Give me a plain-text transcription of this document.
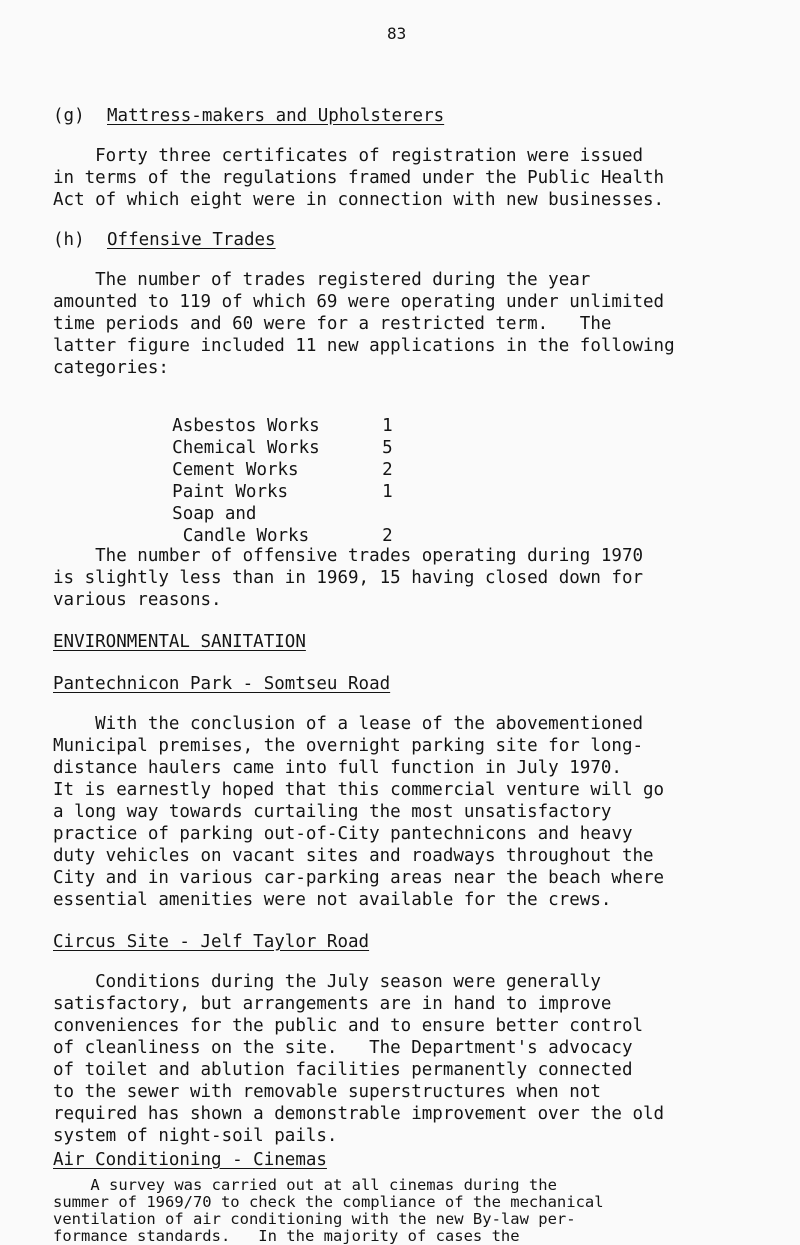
83
(g) Mattress-makers and Upholsterers
Forty three certificates of registration were issued
in terms of the regulations framed under the Public Health
Act of which eight were in connection with new businesses.
(h) Offensive Trades
The number of trades registered during the year
amounted to 119 of which 69 were operating under unlimited
time periods and 60 were for a restricted term.   The
latter figure included 11 new applications in the following
categories:

Asbestos Works	1

Chemical Works	5

Cement Works	2

Paint Works	1

Soap and

Candle Works	2

The number of offensive trades operating during 1970
is slightly less than in 1969, 15 having closed down for
various reasons.
ENVIRONMENTAL SANITATION
Pantechnicon Park - Somtseu Road
With the conclusion of a lease of the abovementioned
Municipal premises, the overnight parking site for long-
distance haulers came into full function in July 1970.
It is earnestly hoped that this commercial venture will go
a long way towards curtailing the most unsatisfactory
practice of parking out-of-City pantechnicons and heavy
duty vehicles on vacant sites and roadways throughout the
City and in various car-parking areas near the beach where
essential amenities were not available for the crews.
Circus Site - Jelf Taylor Road
Conditions during the July season were generally
satisfactory, but arrangements are in hand to improve
conveniences for the public and to ensure better control
of cleanliness on the site.   The Department's advocacy
of toilet and ablution facilities permanently connected
to the sewer with removable superstructures when not
required has shown a demonstrable improvement over the old
system of night-soil pails.
Air Conditioning - Cinemas
A survey was carried out at all cinemas during the
summer of 1969/70 to check the compliance of the mechanical
ventilation of air conditioning with the new By-law per-
formance standards.   In the majority of cases the
